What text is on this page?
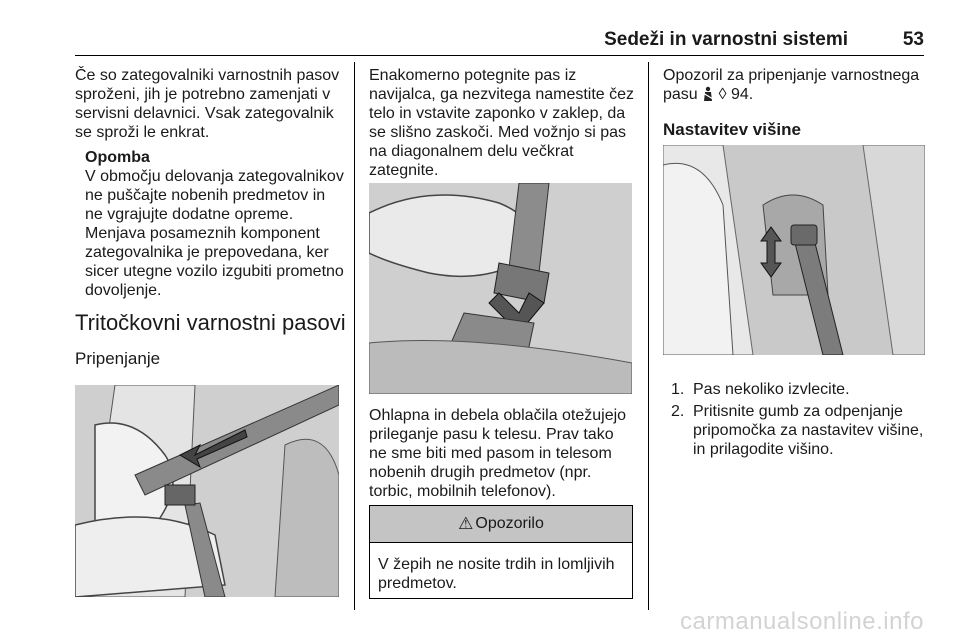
Sedeži in varnostni sistemi	53

Če so zategovalniki varnostnih pasov sproženi, jih je potrebno zamenjati v servisni delavnici. Vsak zategovalnik se sproži le enkrat.

Opomba
V območju delovanja zategovalnikov ne puščajte nobenih predmetov in ne vgrajujte dodatne opreme. Menjava posameznih komponent zategovalnika je prepovedana, ker sicer utegne vozilo izgubiti prometno dovoljenje.
Tritočkovni varnostni pasovi
Pripenjanje

Enakomerno potegnite pas iz navijalca, ga nezvitega namestite čez telo in vstavite zaponko v zaklep, da se slišno zaskoči. Med vožnjo si pas na diagonalnem delu večkrat zategnite.

Ohlapna in debela oblačila otežujejo prileganje pasu k telesu. Prav tako ne sme biti med pasom in telesom nobenih drugih predmetov (npr. torbic, mobilnih telefonov).

⚠ Opozorilo
V žepih ne nosite trdih in lomljivih predmetov.

Opozoril za pripenjanje varnostnega pasu ◊ 94.

Nastavitev višine
1. Pas nekoliko izvlecite.
2. Pritisnite gumb za odpenjanje pripomočka za nastavitev višine, in prilagodite višino.
carmanualsonline.info
